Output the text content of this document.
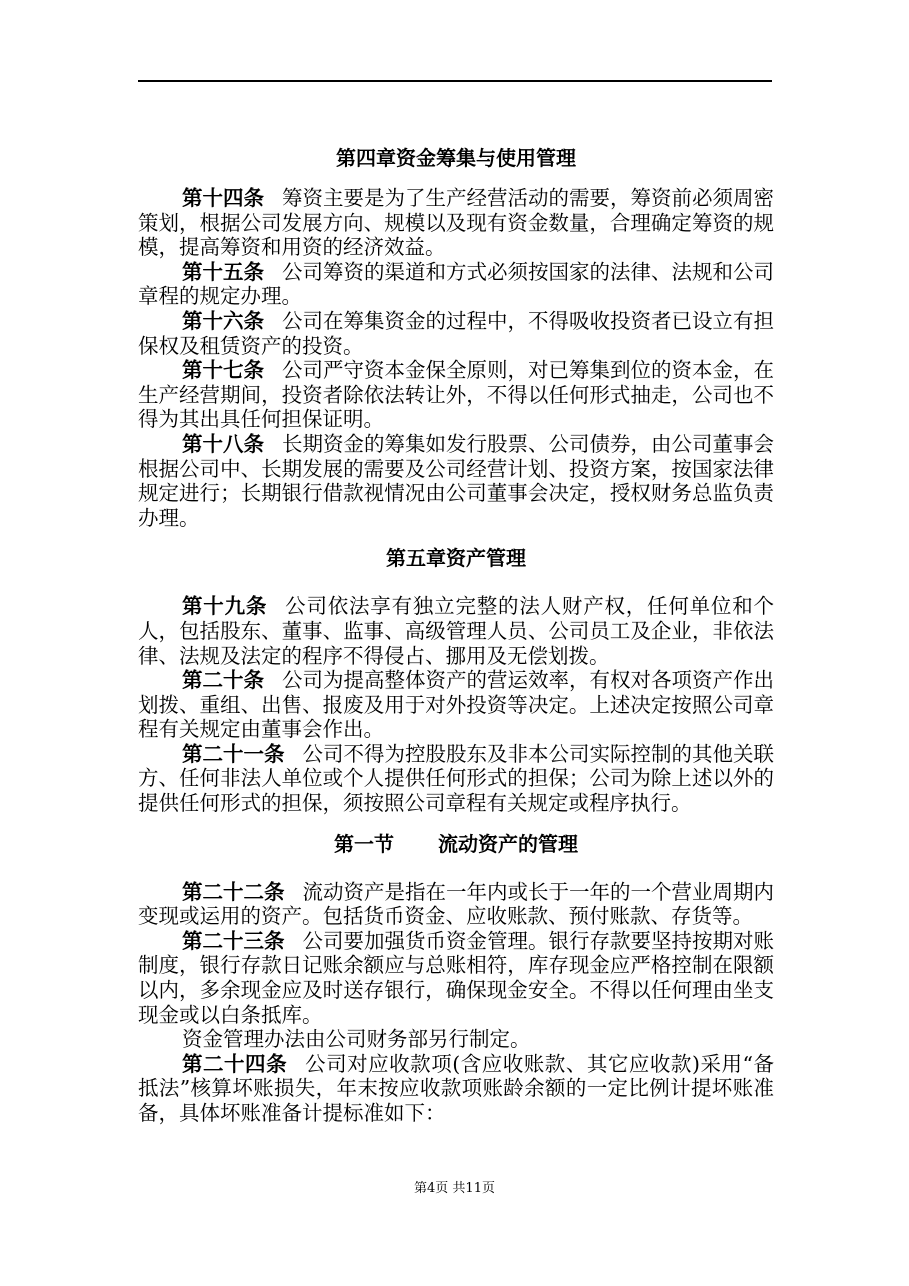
第四章资金筹集与使用管理

第十四条 筹资主要是为了生产经营活动的需要，筹资前必须周密策划，根据公司发展方向、规模以及现有资金数量，合理确定筹资的规模，提高筹资和用资的经济效益。

第十五条 公司筹资的渠道和方式必须按国家的法律、法规和公司章程的规定办理。

第十六条 公司在筹集资金的过程中，不得吸收投资者已设立有担保权及租赁资产的投资。

第十七条 公司严守资本金保全原则，对已筹集到位的资本金，在生产经营期间，投资者除依法转让外，不得以任何形式抽走，公司也不得为其出具任何担保证明。

第十八条 长期资金的筹集如发行股票、公司债券，由公司董事会根据公司中、长期发展的需要及公司经营计划、投资方案，按国家法律规定进行；长期银行借款视情况由公司董事会决定，授权财务总监负责办理。

第五章资产管理

第十九条 公司依法享有独立完整的法人财产权，任何单位和个人，包括股东、董事、监事、高级管理人员、公司员工及企业，非依法律、法规及法定的程序不得侵占、挪用及无偿划拨。

第二十条 公司为提高整体资产的营运效率，有权对各项资产作出划拨、重组、出售、报废及用于对外投资等决定。上述决定按照公司章程有关规定由董事会作出。

第二十一条 公司不得为控股股东及非本公司实际控制的其他关联方、任何非法人单位或个人提供任何形式的担保；公司为除上述以外的提供任何形式的担保，须按照公司章程有关规定或程序执行。

第一节 流动资产的管理

第二十二条 流动资产是指在一年内或长于一年的一个营业周期内变现或运用的资产。包括货币资金、应收账款、预付账款、存货等。

第二十三条 公司要加强货币资金管理。银行存款要坚持按期对账制度，银行存款日记账余额应与总账相符，库存现金应严格控制在限额以内，多余现金应及时送存银行，确保现金安全。不得以任何理由坐支现金或以白条抵库。

资金管理办法由公司财务部另行制定。

第二十四条 公司对应收款项(含应收账款、其它应收款)采用“备抵法”核算坏账损失，年末按应收款项账龄余额的一定比例计提坏账准备，具体坏账准备计提标准如下：

第4页 共11页
